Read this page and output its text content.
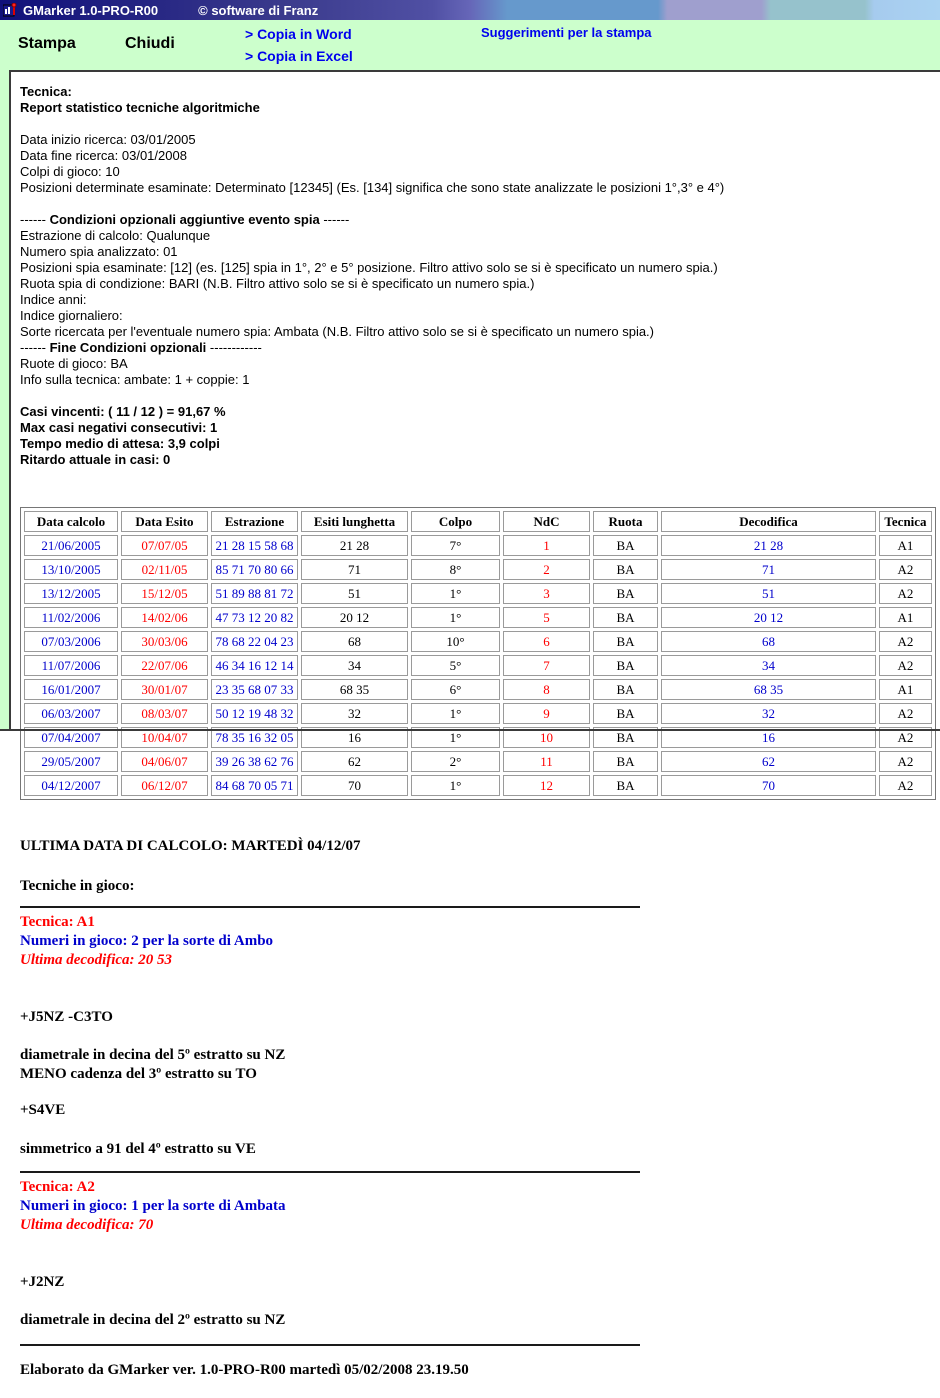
GMarker 1.0-PRO-R00	© software di Franz
Stampa	Chiudi
> Copia in Word
> Copia in Excel
Suggerimenti per la stampa
Tecnica:
Report statistico tecniche algoritmiche

Data inizio ricerca: 03/01/2005
Data fine ricerca: 03/01/2008
Colpi di gioco: 10
Posizioni determinate esaminate: Determinato [12345] (Es. [134] significa che sono state analizzate le posizioni 1°,3° e 4°)

------ Condizioni opzionali aggiuntive evento spia ------
Estrazione di calcolo: Qualunque
Numero spia analizzato: 01
Posizioni spia esaminate: [12] (es. [125] spia in 1°, 2° e 5° posizione. Filtro attivo solo se si è specificato un numero spia.)
Ruota spia di condizione: BARI (N.B. Filtro attivo solo se si è specificato un numero spia.)
Indice anni:
Indice giornaliero:
Sorte ricercata per l'eventuale numero spia: Ambata (N.B. Filtro attivo solo se si è specificato un numero spia.)
------ Fine Condizioni opzionali ------------
Ruote di gioco: BA
Info sulla tecnica: ambate: 1 + coppie: 1

Casi vincenti: ( 11 / 12 ) = 91,67 %
Max casi negativi consecutivi: 1
Tempo medio di attesa: 3,9 colpi
Ritardo attuale in casi: 0
Data calcolo	Data Esito	Estrazione	Esiti lunghetta	Colpo	NdC	Ruota	Decodifica	Tecnica
21/06/2005	07/07/05	21 28 15 58 68	21 28	7°	1	BA	21 28	A1
13/10/2005	02/11/05	85 71 70 80 66	71	8°	2	BA	71	A2
13/12/2005	15/12/05	51 89 88 81 72	51	1°	3	BA	51	A2
11/02/2006	14/02/06	47 73 12 20 82	20 12	1°	5	BA	20 12	A1
07/03/2006	30/03/06	78 68 22 04 23	68	10°	6	BA	68	A2
11/07/2006	22/07/06	46 34 16 12 14	34	5°	7	BA	34	A2
16/01/2007	30/01/07	23 35 68 07 33	68 35	6°	8	BA	68 35	A1
06/03/2007	08/03/07	50 12 19 48 32	32	1°	9	BA	32	A2
07/04/2007	10/04/07	78 35 16 32 05	16	1°	10	BA	16	A2
29/05/2007	04/06/07	39 26 38 62 76	62	2°	11	BA	62	A2
04/12/2007	06/12/07	84 68 70 05 71	70	1°	12	BA	70	A2
ULTIMA DATA DI CALCOLO: MARTEDÌ 04/12/07
Tecniche in gioco:
Tecnica: A1
Numeri in gioco: 2 per la sorte di Ambo
Ultima decodifica: 20 53
+J5NZ -C3TO
diametrale in decina del 5º estratto su NZ
MENO cadenza del 3º estratto su TO
+S4VE
simmetrico a 91 del 4º estratto su VE
Tecnica: A2
Numeri in gioco: 1 per la sorte di Ambata
Ultima decodifica: 70
+J2NZ
diametrale in decina del 2º estratto su NZ
Elaborato da GMarker ver. 1.0-PRO-R00 martedì 05/02/2008 23.19.50
